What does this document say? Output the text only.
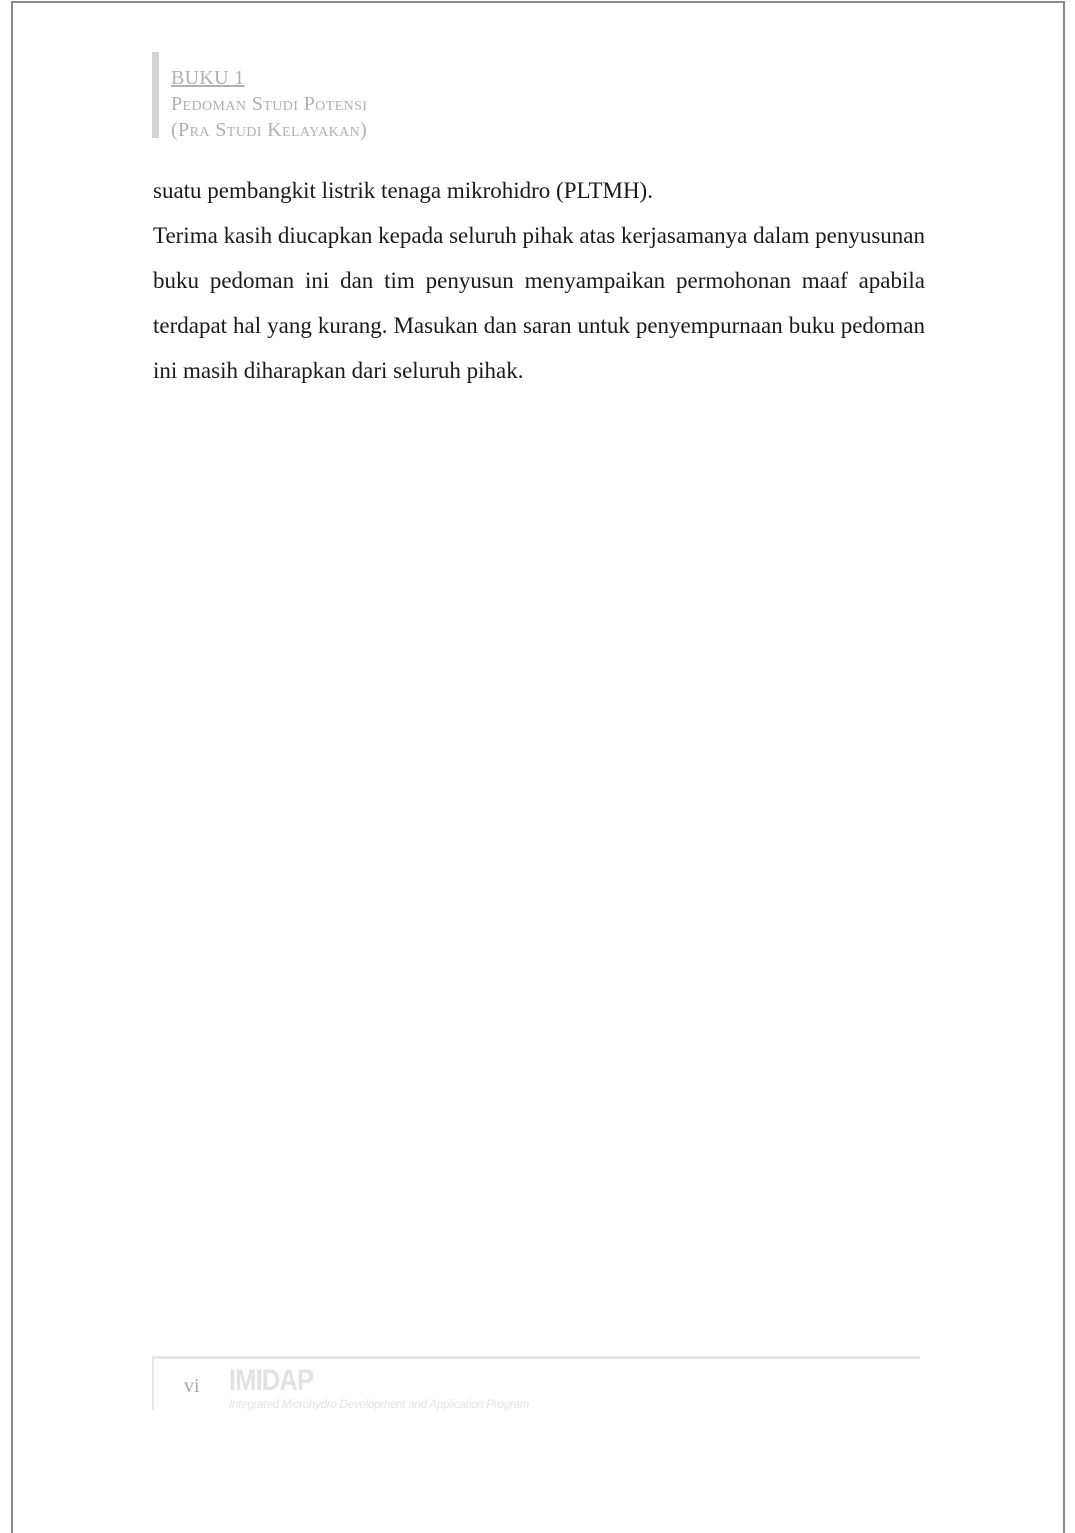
BUKU 1
Pedoman Studi Potensi
(Pra Studi Kelayakan)

suatu pembangkit listrik tenaga mikrohidro (PLTMH).

Terima kasih diucapkan kepada seluruh pihak atas kerjasamanya dalam penyusunan buku pedoman ini dan tim penyusun menyampaikan permohonan maaf apabila terdapat hal yang kurang. Masukan dan saran untuk penyempurnaan buku pedoman ini masih diharapkan dari seluruh pihak.

vi IMIDAP
Integrated Microhydro Development and Application Program
